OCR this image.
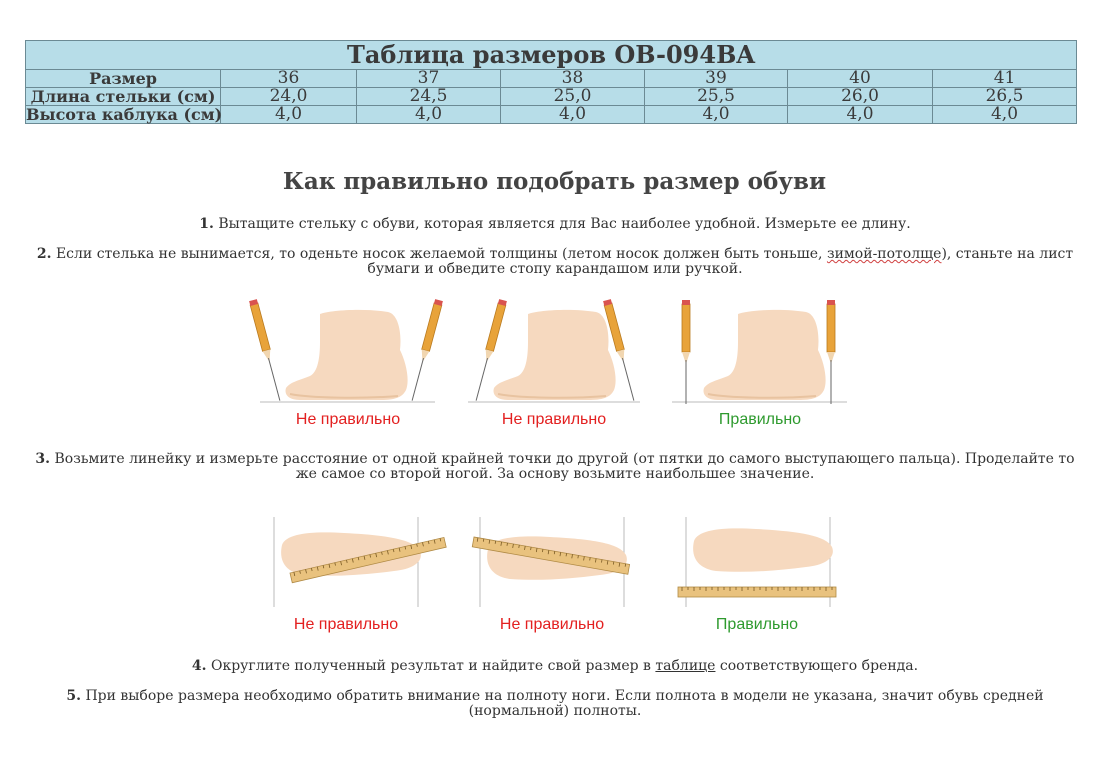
Таблица размеров OB-094BA						
Размер	36	37	38	39	40	41
Длина стельки (см)	24,0	24,5	25,0	25,5	26,0	26,5
Высота каблука (см)	4,0	4,0	4,0	4,0	4,0	4,0
Как правильно подобрать размер обуви
1. Вытащите стельку с обуви, которая является для Вас наиболее удобной. Измерьте ее длину.
2. Если стелька не вынимается, то оденьте носок желаемой толщины (летом носок должен быть тоньше, зимой-потолще), станьте на лист бумаги и обведите стопу карандашом или ручкой.
Не правильно	Не правильно	Правильно
3. Возьмите линейку и измерьте расстояние от одной крайней точки до другой (от пятки до самого выступающего пальца). Проделайте то же самое со второй ногой. За основу возьмите наибольшее значение.
Не правильно	Не правильно	Правильно
4. Округлите полученный результат и найдите свой размер в таблице соответствующего бренда.
5. При выборе размера необходимо обратить внимание на полноту ноги. Если полнота в модели не указана, значит обувь средней (нормальной) полноты.
